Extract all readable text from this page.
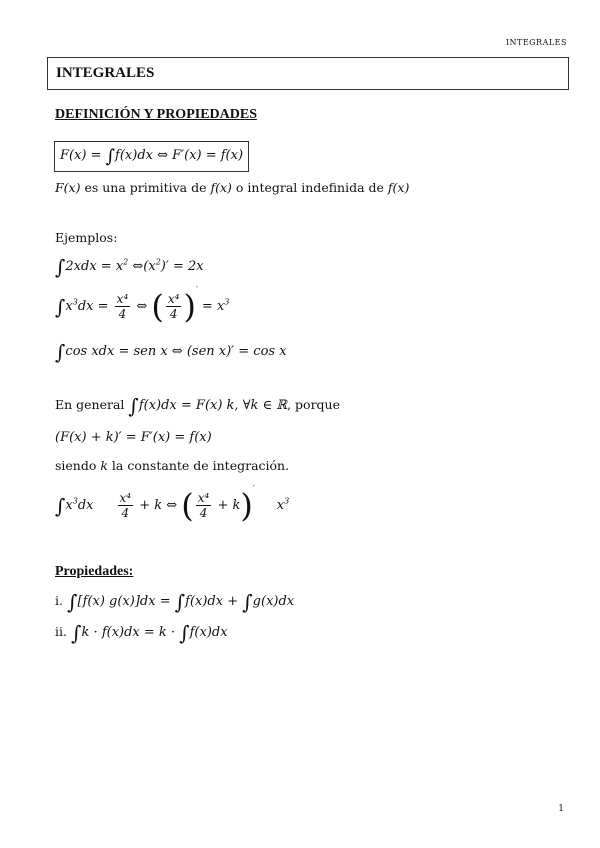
INTEGRALES
INTEGRALES
DEFINICIÓN Y PROPIEDADES
F(x) = ∫f(x)dx ⇔ F′(x) = f(x)
F(x) es una primitiva de f(x) o integral indefinida de f(x)
Ejemplos:
$\int 2xdx = x^2$ $\Leftrightarrow(x^2)' = 2x$
$\int x^3dx = \frac{\text{x⁴}}{4}$ ⇔ ( $\frac{\text{x⁴}}{4} )' = x^3$
∫cos xdx = sen x ⇔ (sen x)′ = cos x
En general ∫f(x)dx = F(x) k, ∀k ∈ ℝ, porque
(F(x) + k)′ = F′(x) = f(x)
siendo k la constante de integración.
$\int x^3dx \frac{\text{x⁴}}{4} + k$ ⇔ ( $\frac{\text{x⁴}}{4} + k)'x^3$
Propiedades:
i. ∫[f(x) g(x)]dx = ∫f(x)dx + ∫g(x)dx
ii. ∫k · f(x)dx = k · ∫f(x)dx
1
